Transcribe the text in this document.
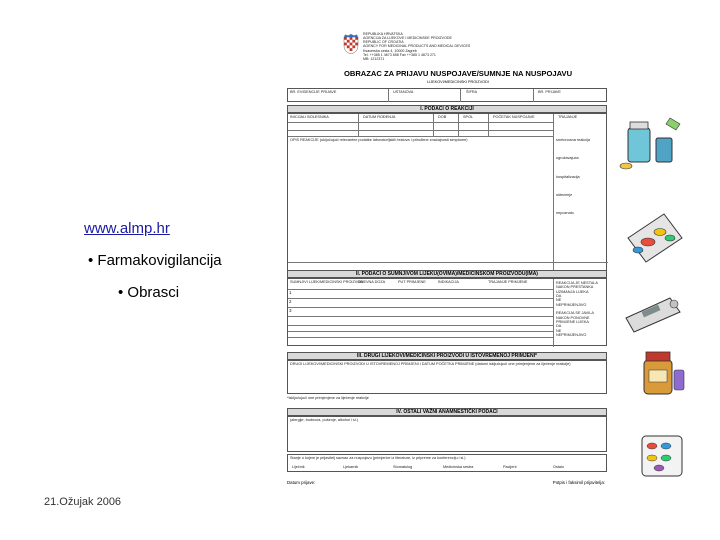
www.almp.hr
• Farmakovigilancija
• Obrasci
21.Ožujak 2006
REPUBLIKA HRVATSKA
AGENCIJA ZA LIJEKOVE I MEDICINSKE PROIZVODE
REPUBLIC OF CROATIA
AGENCY FOR MEDICINAL PRODUCTS AND MEDICAL DEVICES
Ksaverska cesta 4, 10000 Zagreb
Tel. ++385 1 4673 658 Fax ++385 1 4673 271
MB: 1212371
OBRAZAC ZA PRIJAVU NUSPOJAVE/SUMNJE NA NUSPOJAVU
LIJEKOVI/MEDICINSKI PROIZVODI
BR. EVIDENCIJE PRIJAVE	USTANOVA	ŠIFRA	BR. PRIJAVE
I. PODACI O REAKCIJI
INICIJALI BOLESNIKA	DATUM ROĐENJA	DOB	SPOL	POČETAK NUSPOJAVE	TRAJANJE
OPIS REAKCIJE (uključujući relevantne podatke laboratorijskih testova i prirođene značajnosti simptome)	smrtonosna reakcija
ugrožavajuća
hospitalizacija
oštećenje
nepoznato
II. PODACI O SUMNJIVOM LIJEKU(OVIMA)/MEDICINSKOM PROIZVODU(IMA)
SUMNJIVI LIJEK/MEDICINSKI PROIZVOD
DNEVNA DOZA	PUT PRIMJENE	INDIKACIJA	TRAJANJE PRIMJENE
1
2
3
REAKCIJA JE NESTALA NAKON PRESTANKA UZIMANJA LIJEKA
DA
NE
NEPRIMJENJIVO
REAKCIJA SE JAVILA NAKON PONOVNE PRIMJENE LIJEKA
DA
NE
NEPRIMJENJIVO
III. DRUGI LIJEKOVI/MEDICINSKI PROIZVODI U ISTOVREMENOJ PRIMJENI*
DRUGI LIJEKOVI/MEDICINSKI PROIZVODI U ISTOVREMENOJ PRIMJENI I DATUM POČETKA PRIMJENE (datumi isključujući one primjenjene za liječenje reakcije)
*Isključujući one primjenjene za liječenje reakcije
IV. OSTALI VAŽNI ANAMNESTIČKI PODACI
(alergije, trudnoća, pušenje, alkohol i sl.)
Stanje u kojem je prijavitelj saznao za nuspojavu (primjerice iz literature, iz pripreme za konferenciju i sl.)
Liječnik	Ljekarnik	Stomatolog	Medicinska sestra	Pacijent	Ostalo
Datum prijave:	Potpis i faksimil prijavitelja:
